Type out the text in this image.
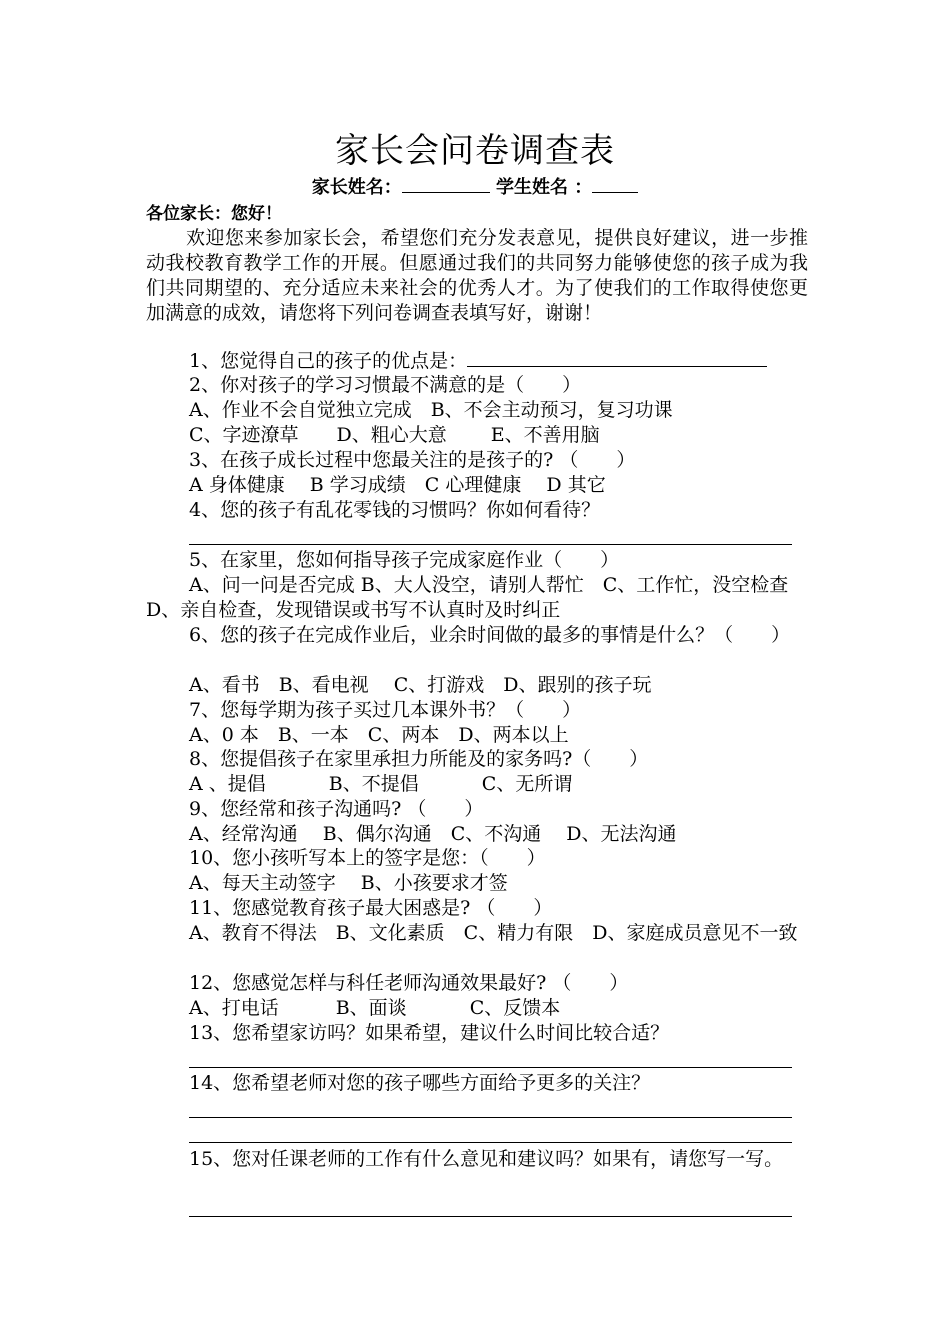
家长会问卷调查表
家长姓名：	学生姓名 ：
各位家长：您好！

欢迎您来参加家长会，希望您们充分发表意见，提供良好建议，进一步推动我校教育教学工作的开展。但愿通过我们的共同努力能够使您的孩子成为我们共同期望的、充分适应未来社会的优秀人才。为了使我们的工作取得使您更加满意的成效，请您将下列问卷调查表填写好，谢谢！

1、您觉得自己的孩子的优点是：

2、你对孩子的学习习惯最不满意的是（　　）

A、作业不会自觉独立完成　B、不会主动预习，复习功课

C、字迹潦草　　D、粗心大意　　 E、不善用脑

3、在孩子成长过程中您最关注的是孩子的? （　　）

A 身体健康　 B 学习成绩　C 心理健康　 D 其它

4、您的孩子有乱花零钱的习惯吗？你如何看待？

5、在家里，您如何指导孩子完成家庭作业（　　）

A、问一问是否完成 B、大人没空，请别人帮忙　C、工作忙，没空检查 D、亲自检查，发现错误或书写不认真时及时纠正

6、您的孩子在完成作业后，业余时间做的最多的事情是什么？（　　）

A、看书　B、看电视　 C、打游戏　D、跟别的孩子玩

7、您每学期为孩子买过几本课外书？（　　）

A、0 本　B、一本　C、两本　D、两本以上

8、您提倡孩子在家里承担力所能及的家务吗?（　　）

A 、提倡　　　 B、不提倡　　　 C、无所谓

9、您经常和孩子沟通吗? （　　）

A、经常沟通　 B、偶尔沟通　C、不沟通　 D、无法沟通

10、您小孩听写本上的签字是您：（　　）

A、每天主动签字　 B、小孩要求才签

11、您感觉教育孩子最大困惑是? （　　）

A、教育不得法　B、文化素质　C、精力有限　D、家庭成员意见不一致

12、您感觉怎样与科任老师沟通效果最好? （　　）

A、打电话　　　B、面谈　　　 C、反馈本

13、您希望家访吗？如果希望，建议什么时间比较合适？

14、您希望老师对您的孩子哪些方面给予更多的关注？

15、您对任课老师的工作有什么意见和建议吗？如果有，请您写一写。
